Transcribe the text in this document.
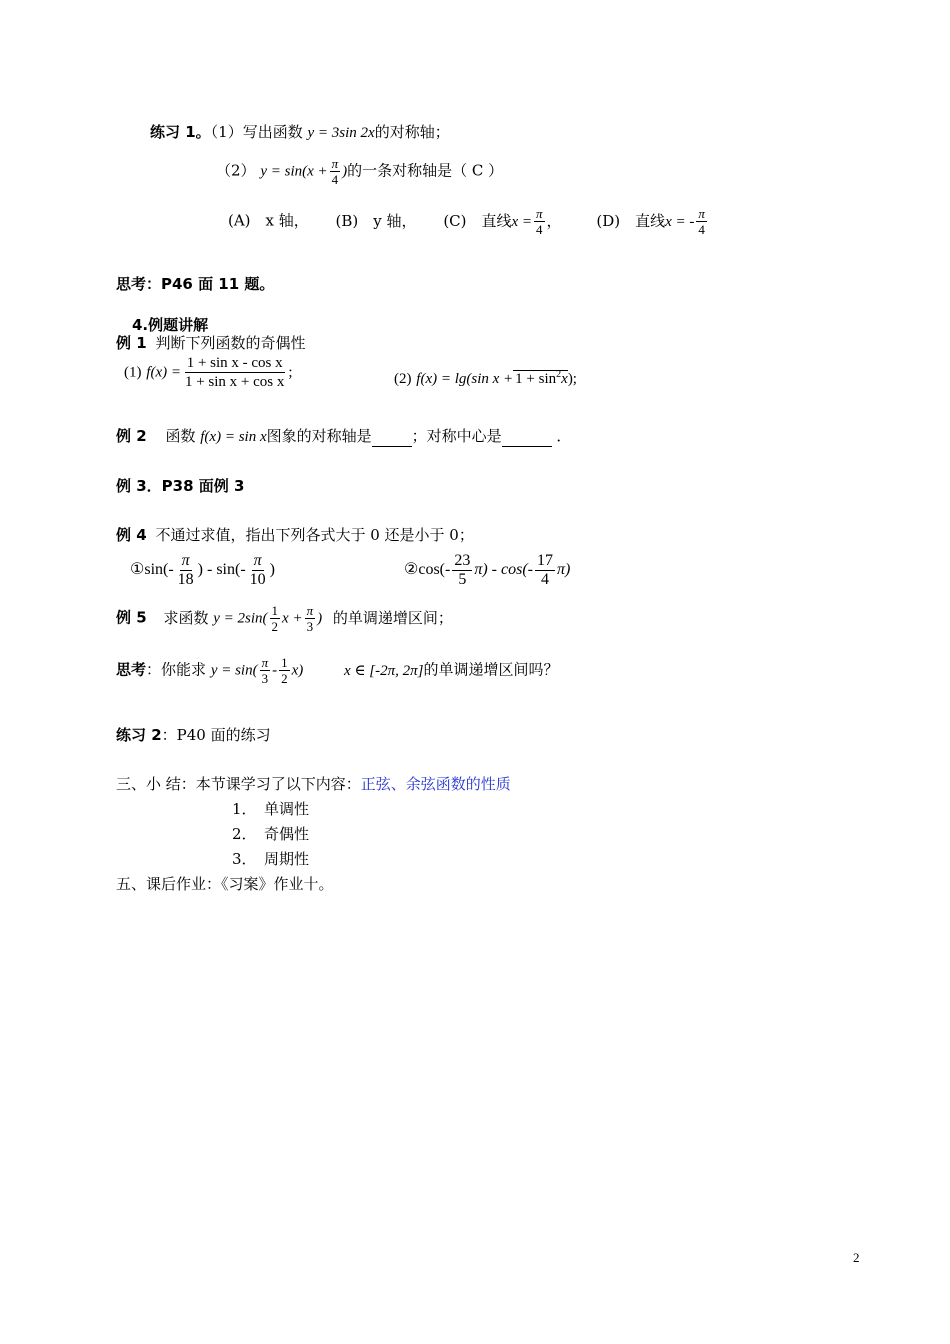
练习 1。（1）写出函数 y = 3sin 2x的对称轴；
（2） $y = \sin(x + \frac{\pi}{4}$ )的一条对称轴是（ C ）
(A)　x 轴， (B)　y 轴， (C)　直线$x = \frac{\pi}{4}$ ， (D)　直线x = - $\frac{\pi}{4}$
思考：P46 面 11 题。
4.例题讲解
例 1 判断下列函数的奇偶性
(1) $f(x) = \frac{\text{1 + sin x - cos x}}{\text{1 + sin x + cos x}}$ ;	(2) f(x) = lg(sin $x + 1 + \sin^2x$);
例 2 函数 f(x) = sin x图象的对称轴是	；对称中心是	．
例 3．P38 面例 3
例 4 不通过求值，指出下列各式大于 0 还是小于 0；
①sin(- $\frac{\pi}{18}$ ) - $\sin(- \frac{\pi}{10}$ )	②cos(- $\frac{23}{5} \pi) - \cos(- \frac{17}{4} \pi)$
例 5 求函数 $y = 2\sin( \frac{1}{2}$ $x + \frac{\pi}{3}$ ) 的单调递增区间；
思考：你能求 $y = \sin( \frac{\pi}{3} - \frac{1}{2} x)$	x ∈ [-2π, 2π]的单调递增区间吗？
练习 2：P40 面的练习
三、小 结：本节课学习了以下内容：正弦、余弦函数的性质
1．　单调性
2．　奇偶性
3．　周期性
五、课后作业：《习案》作业十。
2
